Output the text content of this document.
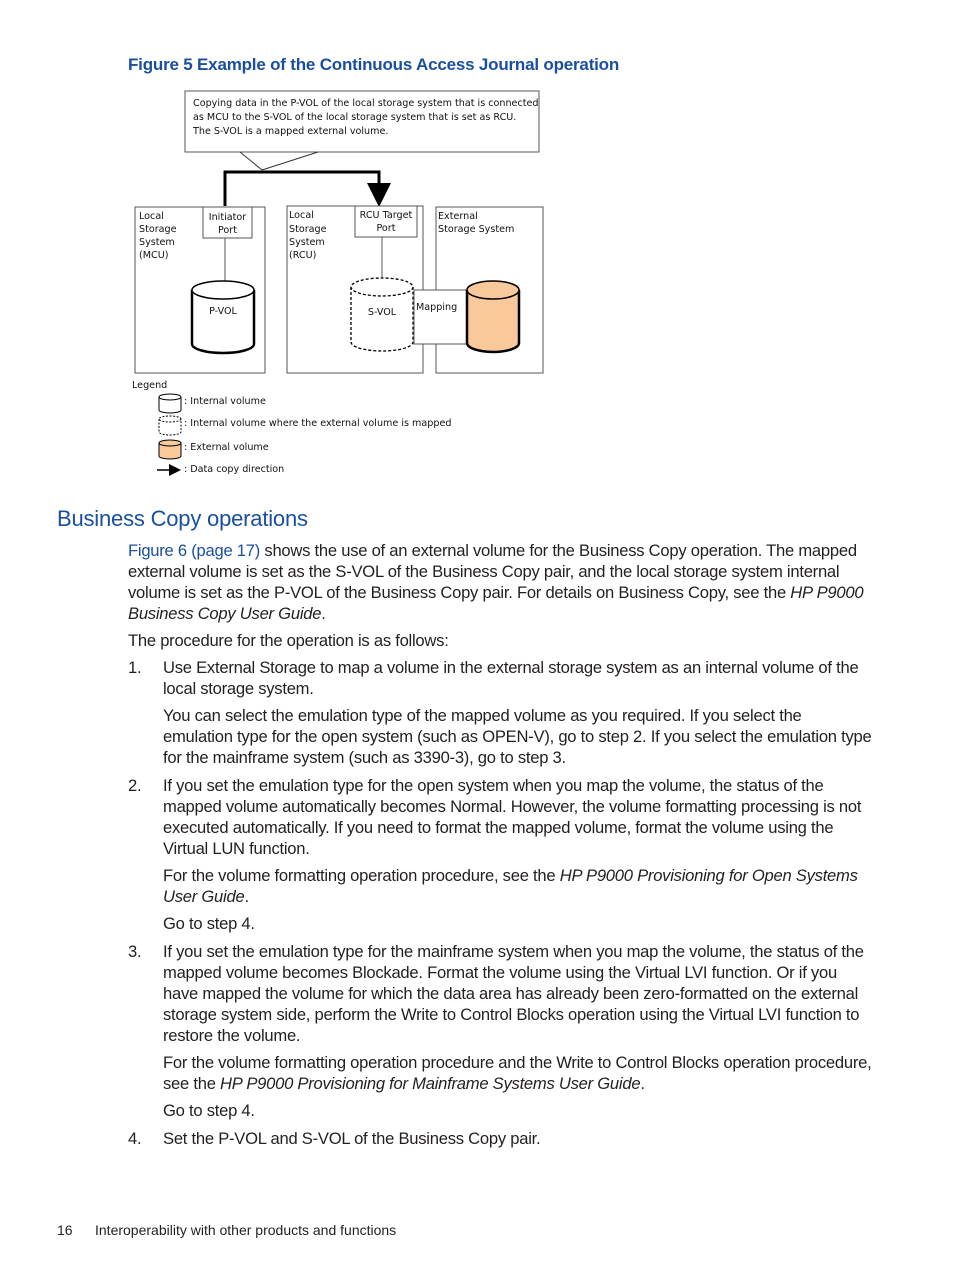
Figure 5 Example of the Continuous Access Journal operation
Copying data in the P-VOL of the local storage system that is connected
as MCU to the S-VOL of the local storage system that is set as RCU.
The S-VOL is a mapped external volume.
Local
Storage
System
(MCU)
Initiator
Port
P-VOL
Local
Storage
System
(RCU)
RCU Target
Port
S-VOL
External
Storage System
Mapping
Legend
: Internal volume
: Internal volume where the external volume is mapped
: External volume
: Data copy direction
Business Copy operations

Figure 6 (page 17) shows the use of an external volume for the Business Copy operation. The mapped external volume is set as the S-VOL of the Business Copy pair, and the local storage system internal volume is set as the P-VOL of the Business Copy pair. For details on Business Copy, see the HP P9000 Business Copy User Guide.

The procedure for the operation is as follows:

1. Use External Storage to map a volume in the external storage system as an internal volume of the local storage system.

You can select the emulation type of the mapped volume as you required. If you select the emulation type for the open system (such as OPEN-V), go to step 2. If you select the emulation type for the mainframe system (such as 3390-3), go to step 3.

2. If you set the emulation type for the open system when you map the volume, the status of the mapped volume automatically becomes Normal. However, the volume formatting processing is not executed automatically. If you need to format the mapped volume, format the volume using the Virtual LUN function.

For the volume formatting operation procedure, see the HP P9000 Provisioning for Open Systems User Guide.

Go to step 4.

3. If you set the emulation type for the mainframe system when you map the volume, the status of the mapped volume becomes Blockade. Format the volume using the Virtual LVI function. Or if you have mapped the volume for which the data area has already been zero-formatted on the external storage system side, perform the Write to Control Blocks operation using the Virtual LVI function to restore the volume.

For the volume formatting operation procedure and the Write to Control Blocks operation procedure, see the HP P9000 Provisioning for Mainframe Systems User Guide.

Go to step 4.

4. Set the P-VOL and S-VOL of the Business Copy pair.

16 Interoperability with other products and functions
